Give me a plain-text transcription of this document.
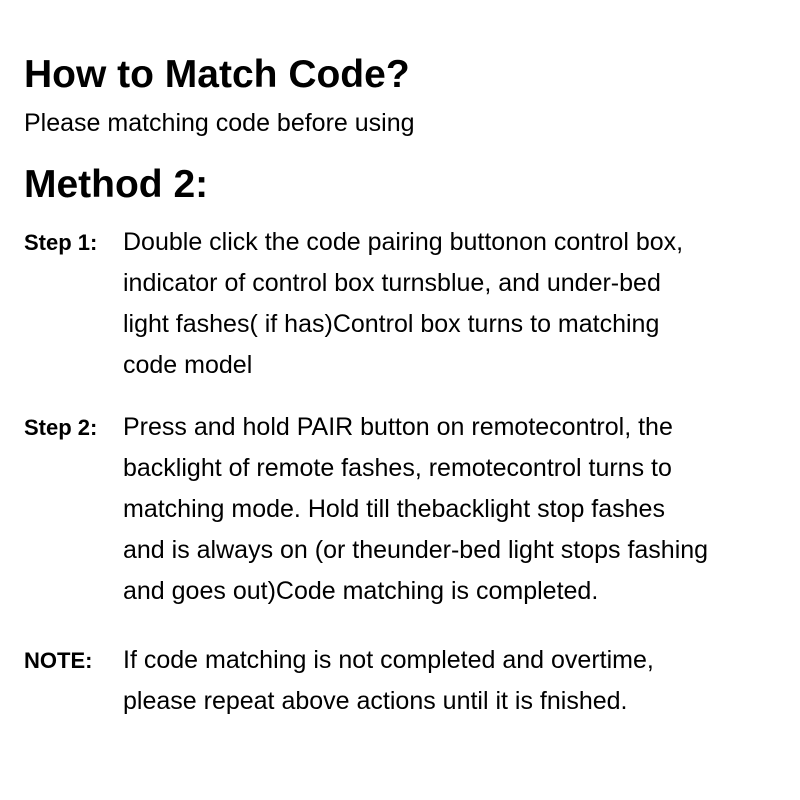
How to Match Code?

Please matching code before using

Method 2:
Step 1: Double click the code pairing buttonon control box,
indicator of control box turnsblue, and under-bed
light fashes( if has)Control box turns to matching
code model
Step 2: Press and hold PAIR button on remotecontrol, the
backlight of remote fashes, remotecontrol turns to
matching mode. Hold till thebacklight stop fashes
and is always on (or theunder-bed light stops fashing
and goes out)Code matching is completed.
NOTE: If code matching is not completed and overtime,
please repeat above actions until it is fnished.
